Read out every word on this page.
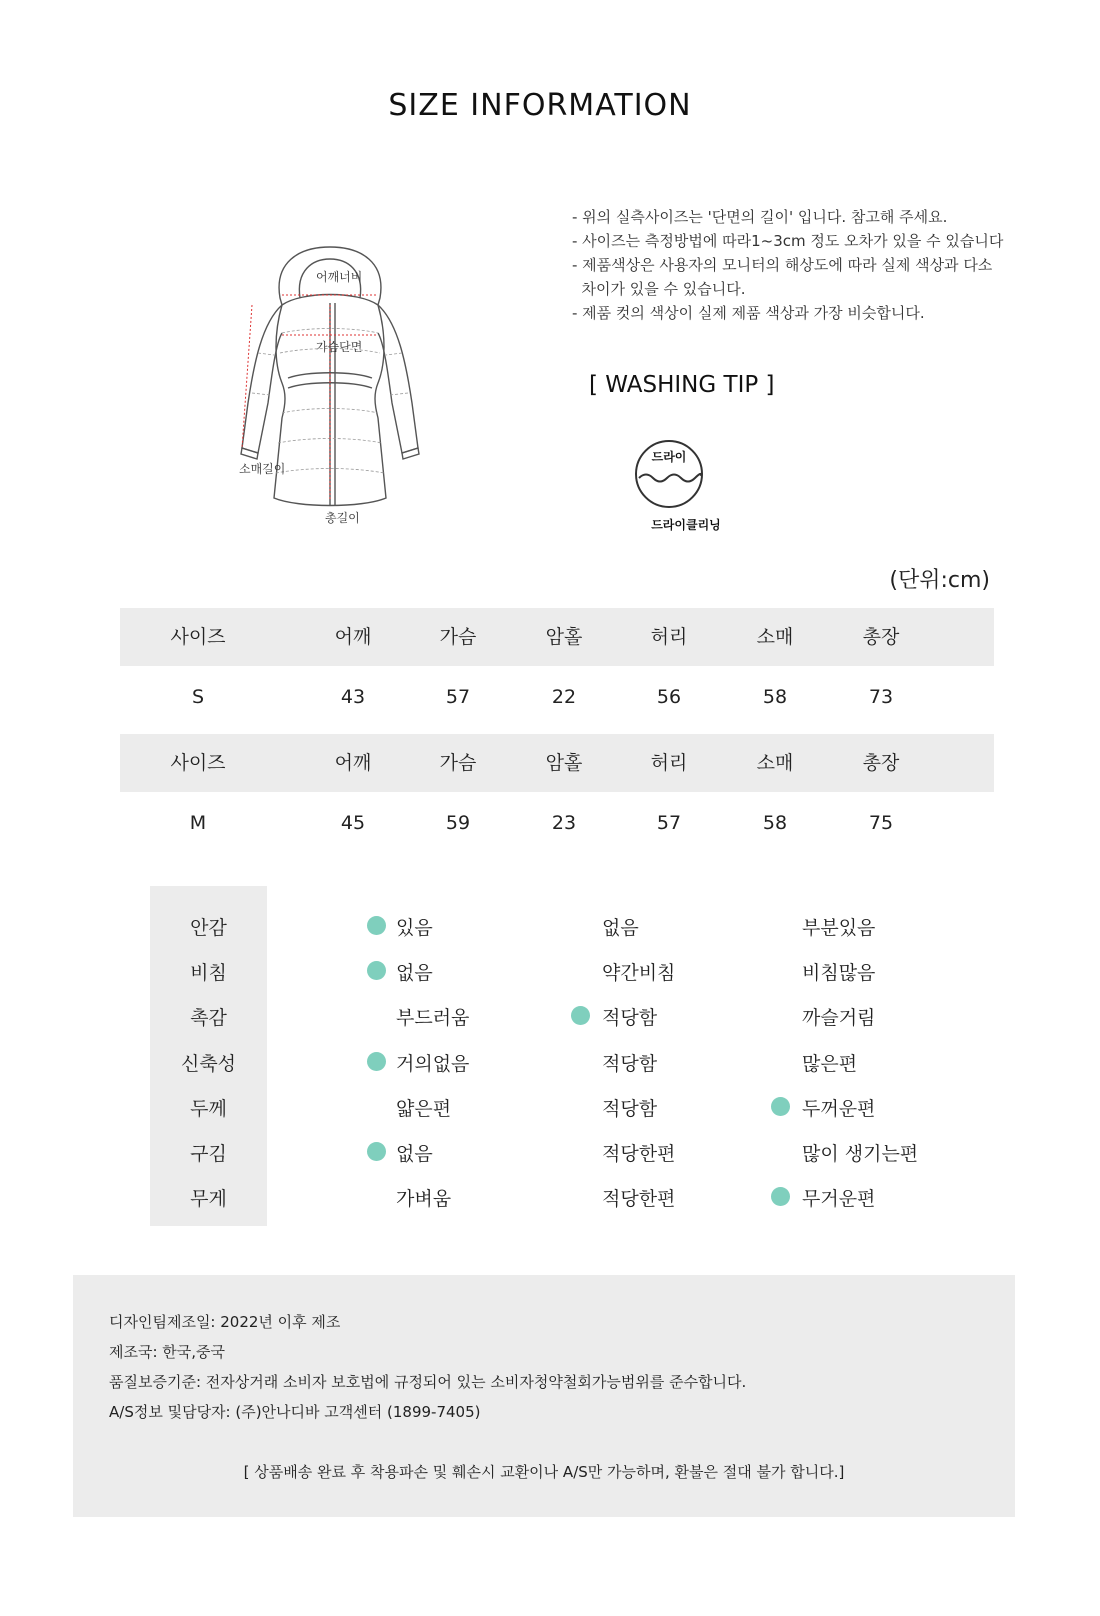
SIZE INFORMATION
어깨너비
가슴단면
소매길이
총길이
- 위의 실측사이즈는 '단면의 길이' 입니다. 참고해 주세요.
- 사이즈는 측정방법에 따라1~3cm 정도 오차가 있을 수 있습니다
- 제품색상은 사용자의 모니터의 해상도에 따라 실제 색상과 다소
차이가 있을 수 있습니다.
- 제품 컷의 색상이 실제 제품 색상과 가장 비슷합니다.
[ WASHING TIP ]
드라이
드라이클리닝
(단위:cm)
사이즈	어깨	가슴	암홀	허리	소매	총장
S	43	57	22	56	58	73
사이즈	어깨	가슴	암홀	허리	소매	총장
M	45	59	23	57	58	75
안감	있음	없음	부분있음
비침	없음	약간비침	비침많음
촉감	부드러움	적당함	까슬거림
신축성	거의없음	적당함	많은편
두께	얇은편	적당함	두꺼운편
구김	없음	적당한편	많이 생기는편
무게	가벼움	적당한편	무거운편
디자인팀제조일: 2022년 이후 제조
제조국: 한국,중국
품질보증기준: 전자상거래 소비자 보호법에 규정되어 있는 소비자청약철회가능범위를 준수합니다.
A/S정보 및담당자: (주)안나디바 고객센터 (1899-7405)
[ 상품배송 완료 후 착용파손 및 훼손시 교환이나 A/S만 가능하며, 환불은 절대 불가 합니다.]
